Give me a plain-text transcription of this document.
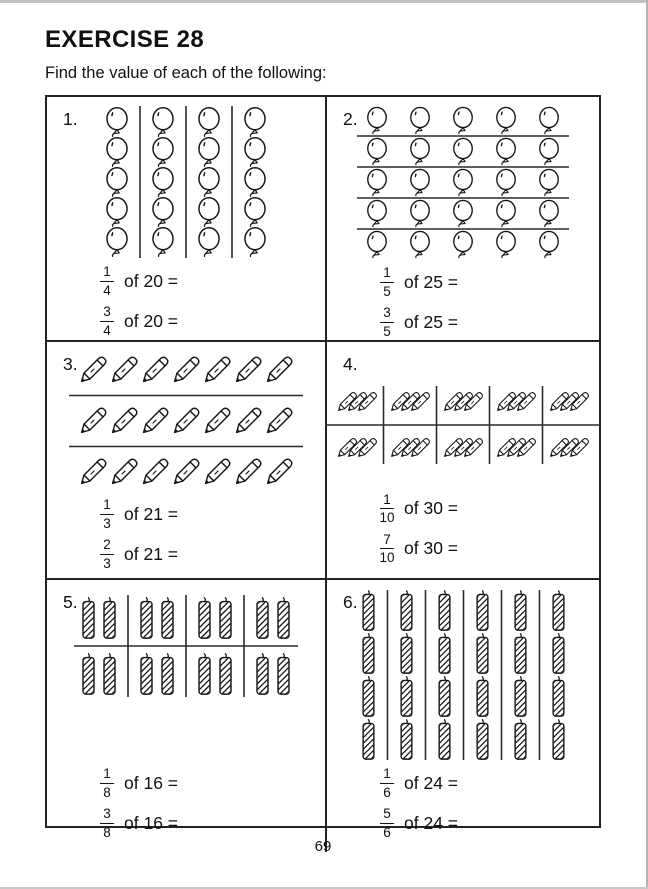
EXERCISE 28
Find the value of each of the following:
1.
$\frac{1}{4}$ of 20 =
$\frac{3}{4}$ of 20 =
2.
$\frac{1}{5}$ of 25 =
$\frac{3}{5}$ of 25 =
3.
$\frac{1}{3}$ of 21 =
$\frac{2}{3}$ of 21 =
4.
$\frac{1}{10}$ of 30 =
$\frac{7}{10}$ of 30 =
5.
$\frac{1}{8}$ of 16 =
$\frac{3}{8}$ of 16 =
6.
$\frac{1}{6}$ of 24 =
$\frac{5}{6}$ of 24 =
69
